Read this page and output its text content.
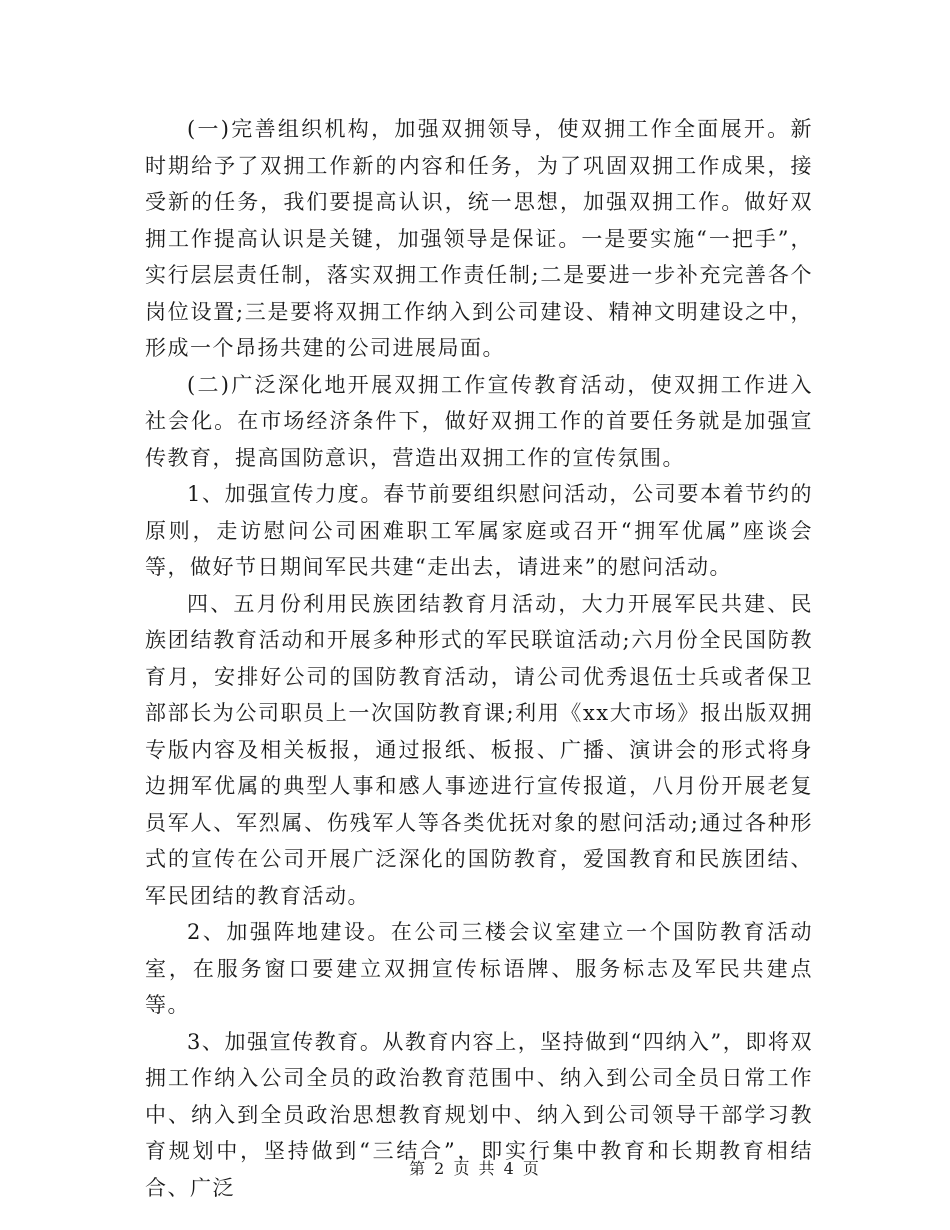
(一)完善组织机构，加强双拥领导，使双拥工作全面展开。新时期给予了双拥工作新的内容和任务，为了巩固双拥工作成果，接受新的任务，我们要提高认识，统一思想，加强双拥工作。做好双拥工作提高认识是关键，加强领导是保证。一是要实施“一把手”，实行层层责任制，落实双拥工作责任制;二是要进一步补充完善各个岗位设置;三是要将双拥工作纳入到公司建设、精神文明建设之中，形成一个昂扬共建的公司进展局面。

(二)广泛深化地开展双拥工作宣传教育活动，使双拥工作进入社会化。在市场经济条件下，做好双拥工作的首要任务就是加强宣传教育，提高国防意识，营造出双拥工作的宣传氛围。

1、加强宣传力度。春节前要组织慰问活动，公司要本着节约的原则，走访慰问公司困难职工军属家庭或召开“拥军优属”座谈会等，做好节日期间军民共建“走出去，请进来”的慰问活动。

四、五月份利用民族团结教育月活动，大力开展军民共建、民族团结教育活动和开展多种形式的军民联谊活动;六月份全民国防教育月，安排好公司的国防教育活动，请公司优秀退伍士兵或者保卫部部长为公司职员上一次国防教育课;利用《xx大市场》报出版双拥专版内容及相关板报，通过报纸、板报、广播、演讲会的形式将身边拥军优属的典型人事和感人事迹进行宣传报道，八月份开展老复员军人、军烈属、伤残军人等各类优抚对象的慰问活动;通过各种形式的宣传在公司开展广泛深化的国防教育，爱国教育和民族团结、军民团结的教育活动。

2、加强阵地建设。在公司三楼会议室建立一个国防教育活动室，在服务窗口要建立双拥宣传标语牌、服务标志及军民共建点等。

3、加强宣传教育。从教育内容上，坚持做到“四纳入”，即将双拥工作纳入公司全员的政治教育范围中、纳入到公司全员日常工作中、纳入到全员政治思想教育规划中、纳入到公司领导干部学习教育规划中，坚持做到“三结合”，即实行集中教育和长期教育相结合、广泛

第 2 页 共 4 页
